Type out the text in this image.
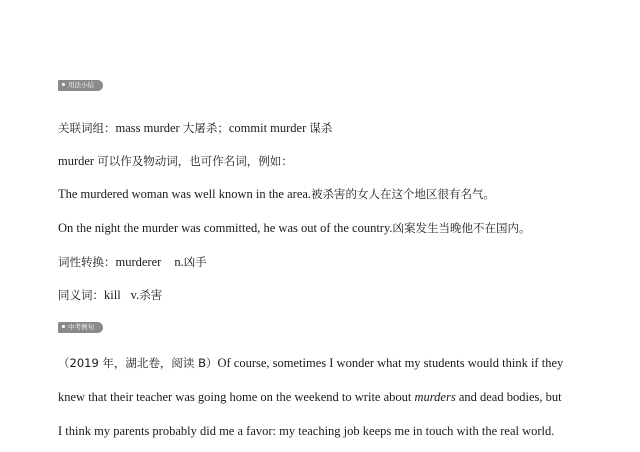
用法小结
关联词组：mass murder 大屠杀；commit murder 谋杀
murder 可以作及物动词，也可作名词，例如：
The murdered woman was well known in the area.被杀害的女人在这个地区很有名气。
On the night the murder was committed, he was out of the country.凶案发生当晚他不在国内。
词性转换：murderer n.凶手
同义词：kill v.杀害
中考例句
（2019 年，湖北卷，阅读 B）Of course, sometimes I wonder what my students would think if they
knew that their teacher was going home on the weekend to write about murders and dead bodies, but
I think my parents probably did me a favor: my teaching job keeps me in touch with the real world.
